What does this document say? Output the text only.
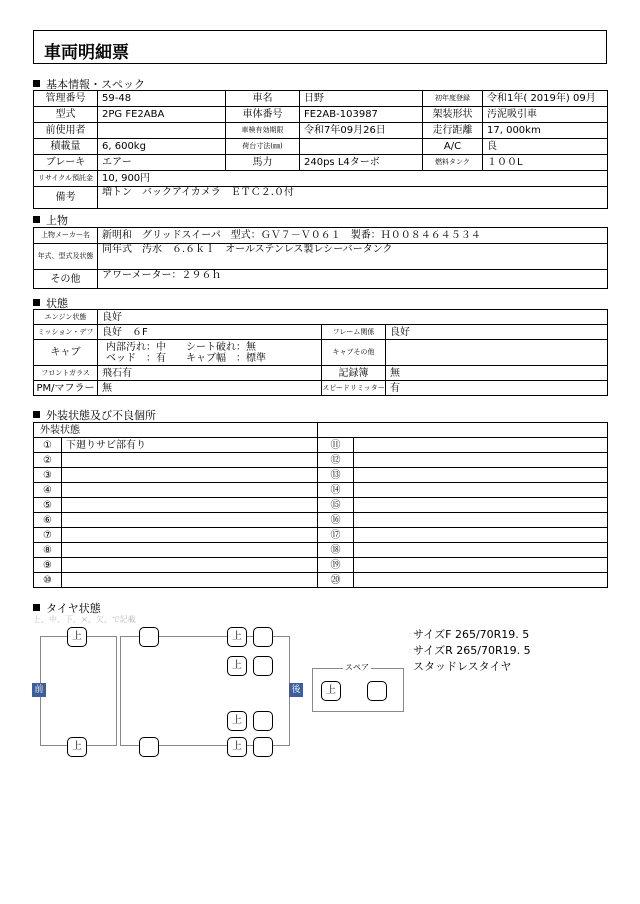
車両明細票
基本情報・スペック
管理番号	59-48	車名	日野	初年度登録	令和1年( 2019年) 09月
型式	2PG FE2ABA	車体番号	FE2AB-103987	架装形状	汚泥吸引車
前使用者		車検有効期限	令和7年09月26日	走行距離	17, 000km
積載量	6, 600kg	荷台寸法(㎜)		A/C	良
ブレーキ	エアー	馬力	240ps L4ターボ	燃料タンク	１００L
リサイクル預託金	10, 900円				
備考	増トン　バックアイカメラ　ＥＴＣ２.０付				
上物
上物メーカー名	新明和　グリッドスイーパ　型式：ＧＶ７－Ｖ０６１　製番：Ｈ００８４６４５３４
年式、型式及状態	同年式　汚水　６.６ｋｌ　オールステンレス製レシーバータンク
その他	アワーメーター：２９６ｈ
状態
エンジン状態	良好		
ミッション・デフ	良好　６F	フレーム関係	良好
キャブ	内部汚れ：中　　シート破れ：無
ベッド　：有　　キャブ幅　：標準	キャブその他	
フロントガラス	飛石有	記録簿	無
PM/マフラー	無	スピードリミッター	有
外装状態及び不良個所
外装状態			
①	下廻りサビ部有り	⑪	
②		⑫	
③		⑬	
④		⑭	
⑤		⑮	
⑥		⑯	
⑦		⑰	
⑧		⑱	
⑨		⑲	
⑩		⑳	
タイヤ状態
上、中、下、×、欠、で記載
スペア
前	後
上
上
上
上
上
上
上
サイズF 265/70R19. 5
サイズR 265/70R19. 5
スタッドレスタイヤ
